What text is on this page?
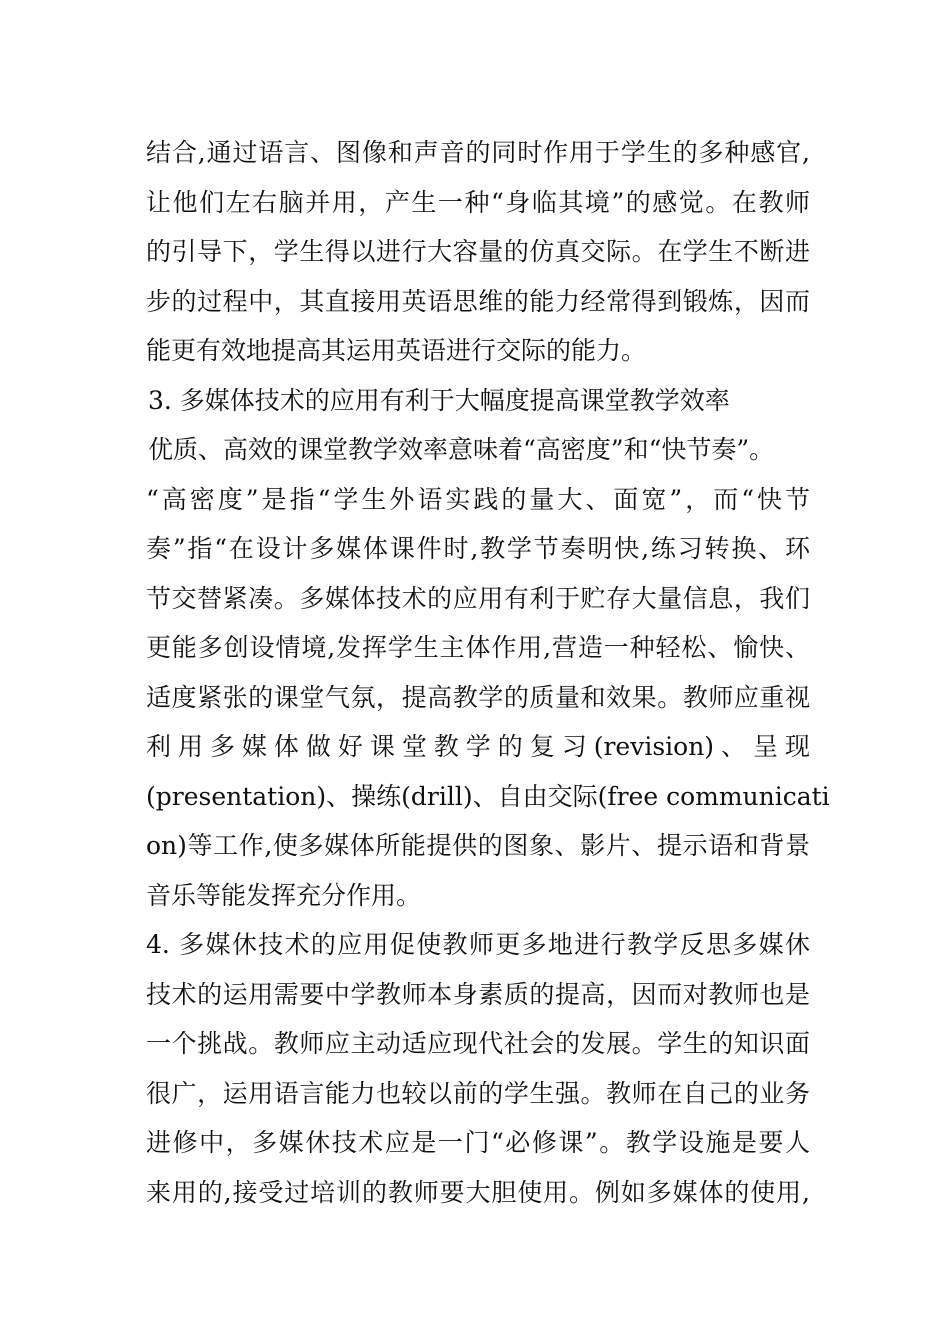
结合,通过语言、图像和声音的同时作用于学生的多种感官,
让他们左右脑并用，产生一种“身临其境”的感觉。在教师
的引导下，学生得以进行大容量的仿真交际。在学生不断进
步的过程中，其直接用英语思维的能力经常得到锻炼，因而
能更有效地提高其运用英语进行交际的能力。
3. 多媒体技术的应用有利于大幅度提高课堂教学效率
优质、高效的课堂教学效率意味着“高密度”和“快节奏”。
“高密度”是指“学生外语实践的量大、面宽”，而“快节
奏”指“在设计多媒体课件时,教学节奏明快,练习转换、环
节交替紧凑。多媒体技术的应用有利于贮存大量信息，我们
更能多创设情境,发挥学生主体作用,营造一种轻松、愉快、
适度紧张的课堂气氛，提高教学的质量和效果。教师应重视
利用多媒体做好课堂教学的复习(revision)、呈现
(presentation)、操练(drill)、自由交际(free communicati
on)等工作,使多媒体所能提供的图象、影片、提示语和背景
音乐等能发挥充分作用。
4. 多媒休技术的应用促使教师更多地进行教学反思多媒休
技术的运用需要中学教师本身素质的提高，因而对教师也是
一个挑战。教师应主动适应现代社会的发展。学生的知识面
很广，运用语言能力也较以前的学生强。教师在自己的业务
进修中，多媒休技术应是一门“必修课”。教学设施是要人
来用的,接受过培训的教师要大胆使用。例如多媒体的使用,
